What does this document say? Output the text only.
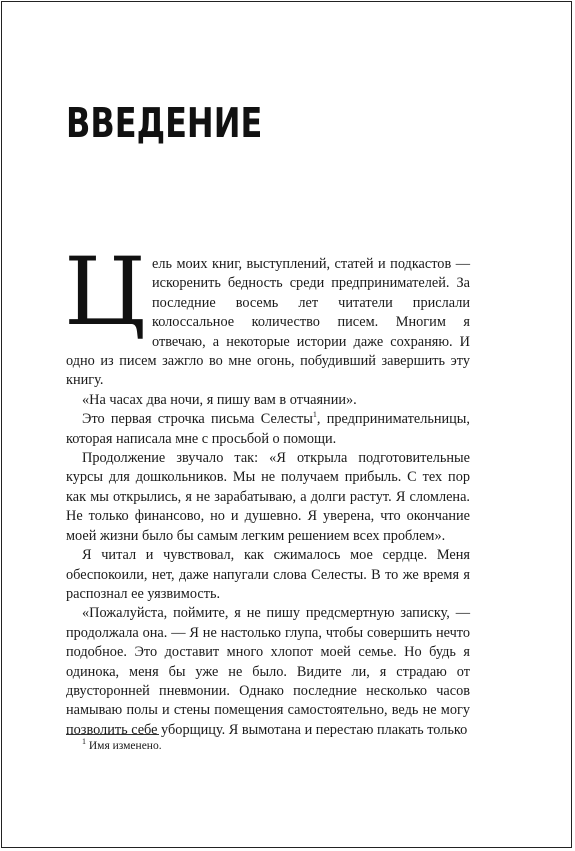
ВВЕДЕНИЕ

Цель моих книг, выступлений, статей и подкастов — искоренить бедность среди предпринимателей. За последние восемь лет читатели прислали колоссальное количество писем. Многим я отвечаю, а некоторые истории даже сохраняю. И одно из писем зажгло во мне огонь, побудивший завершить эту книгу.

«На часах два ночи, я пишу вам в отчаянии».

Это первая строчка письма Селесты$^1$, предпринимательницы, которая написала мне с просьбой о помощи.

Продолжение звучало так: «Я открыла подготовительные курсы для дошкольников. Мы не получаем прибыль. С тех пор как мы открылись, я не зарабатываю, а долги растут. Я сломлена. Не только финансово, но и душевно. Я уверена, что окончание моей жизни было бы самым легким решением всех проблем».

Я читал и чувствовал, как сжималось мое сердце. Меня обеспокоили, нет, даже напугали слова Селесты. В то же время я распознал ее уязвимость.

«Пожалуйста, поймите, я не пишу предсмертную записку, — продолжала она. — Я не настолько глупа, чтобы совершить нечто подобное. Это доставит много хлопот моей семье. Но будь я одинока, меня бы уже не было. Видите ли, я страдаю от двусторонней пневмонии. Однако последние несколько часов намываю полы и стены помещения самостоятельно, ведь не могу позволить себе уборщицу. Я вымотана и перестаю плакать только

$^1$ Имя изменено.
